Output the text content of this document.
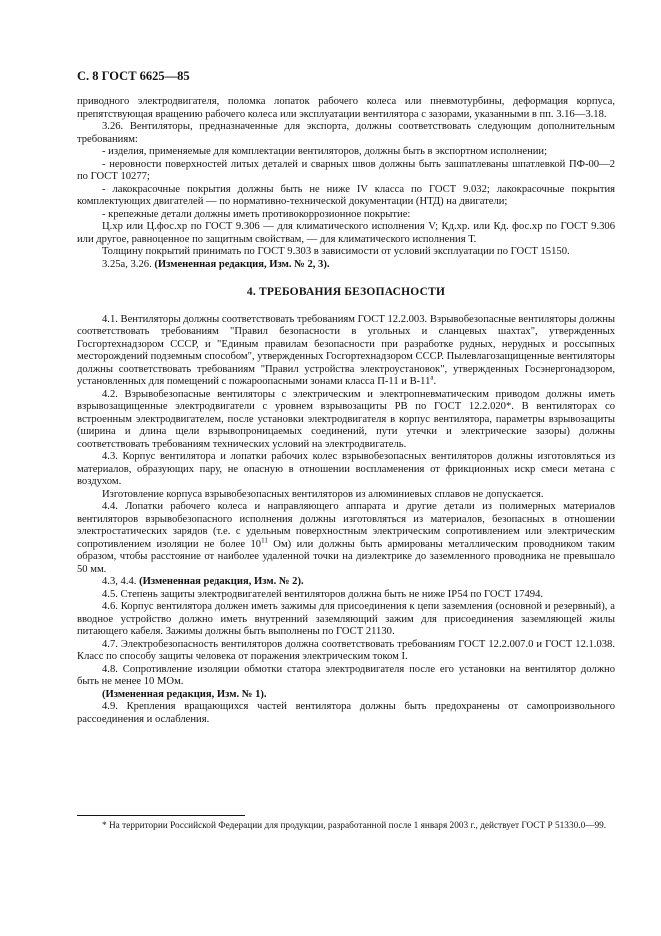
С. 8 ГОСТ 6625—85

приводного электродвигателя, поломка лопаток рабочего колеса или пневмотурбины, деформация корпуса, препятствующая вращению рабочего колеса или эксплуатации вентилятора с зазорами, указанными в пп. 3.16—3.18.

3.26. Вентиляторы, предназначенные для экспорта, должны соответствовать следующим дополнительным требованиям:

- изделия, применяемые для комплектации вентиляторов, должны быть в экспортном исполнении;

- неровности поверхностей литых деталей и сварных швов должны быть зашпатлеваны шпатлевкой ПФ-00—2 по ГОСТ 10277;

- лакокрасочные покрытия должны быть не ниже IV класса по ГОСТ 9.032; лакокрасочные покрытия комплектующих двигателей — по нормативно-технической документации (НТД) на двигатели;

- крепежные детали должны иметь противокоррозионное покрытие:

Ц.хр или Ц.фос.хр по ГОСТ 9.306 — для климатического исполнения V; Кд.хр. или Кд. фос.хр по ГОСТ 9.306 или другое, равноценное по защитным свойствам, — для климатического исполнения Т.

Толщину покрытий принимать по ГОСТ 9.303 в зависимости от условий эксплуатации по ГОСТ 15150.

3.25а, 3.26. (Измененная редакция, Изм. № 2, 3).

4. ТРЕБОВАНИЯ БЕЗОПАСНОСТИ

4.1. Вентиляторы должны соответствовать требованиям ГОСТ 12.2.003. Взрывобезопасные вентиляторы должны соответствовать требованиям "Правил безопасности в угольных и сланцевых шахтах", утвержденных Госгортехнадзором СССР, и "Единым правилам безопасности при разработке рудных, нерудных и россыпных месторождений подземным способом", утвержденных Госгортехнадзором СССР. Пылевлагозащищенные вентиляторы должны соответствовать требованиям "Правил устройства электроустановок", утвержденных Госэнергонадзором, установленных для помещений с пожароопасными зонами класса П-11 и $В-11^а$.

4.2. Взрывобезопасные вентиляторы с электрическим и электропневматическим приводом должны иметь взрывозащищенные электродвигатели с уровнем взрывозащиты РВ по ГОСТ 12.2.020*. В вентиляторах со встроенным электродвигателем, после установки электродвигателя в корпус вентилятора, параметры взрывозащиты (ширина и длина щели взрывопроницаемых соединений, пути утечки и электрические зазоры) должны соответствовать требованиям технических условий на электродвигатель.

4.3. Корпус вентилятора и лопатки рабочих колес взрывобезопасных вентиляторов должны изготовляться из материалов, образующих пару, не опасную в отношении воспламенения от фрикционных искр смеси метана с воздухом.

Изготовление корпуса взрывобезопасных вентиляторов из алюминиевых сплавов не допускается.

4.4. Лопатки рабочего колеса и направляющего аппарата и другие детали из полимерных материалов вентиляторов взрывобезопасного исполнения должны изготовляться из материалов, безопасных в отношении электростатических зарядов (т.е. с удельным поверхностным электрическим сопротивлением или электрическим сопротивлением изоляции не более $10^{11}$ Ом) или должны быть армированы металлическим проводником таким образом, чтобы расстояние от наиболее удаленной точки на диэлектрике до заземленного проводника не превышало 50 мм.

4.3, 4.4. (Измененная редакция, Изм. № 2).

4.5. Степень защиты электродвигателей вентиляторов должна быть не ниже IP54 по ГОСТ 17494.

4.6. Корпус вентилятора должен иметь зажимы для присоединения к цепи заземления (основной и резервный), а вводное устройство должно иметь внутренний заземляющий зажим для присоединения заземляющей жилы питающего кабеля. Зажимы должны быть выполнены по ГОСТ 21130.

4.7. Электробезопасность вентиляторов должна соответствовать требованиям ГОСТ 12.2.007.0 и ГОСТ 12.1.038. Класс по способу защиты человека от поражения электрическим током I.

4.8. Сопротивление изоляции обмотки статора электродвигателя после его установки на вентилятор должно быть не менее 10 МОм.

(Измененная редакция, Изм. № 1).

4.9. Крепления вращающихся частей вентилятора должны быть предохранены от самопроизвольного рассоединения и ослабления.

* На территории Российской Федерации для продукции, разработанной после 1 января 2003 г., действует ГОСТ Р 51330.0—99.
